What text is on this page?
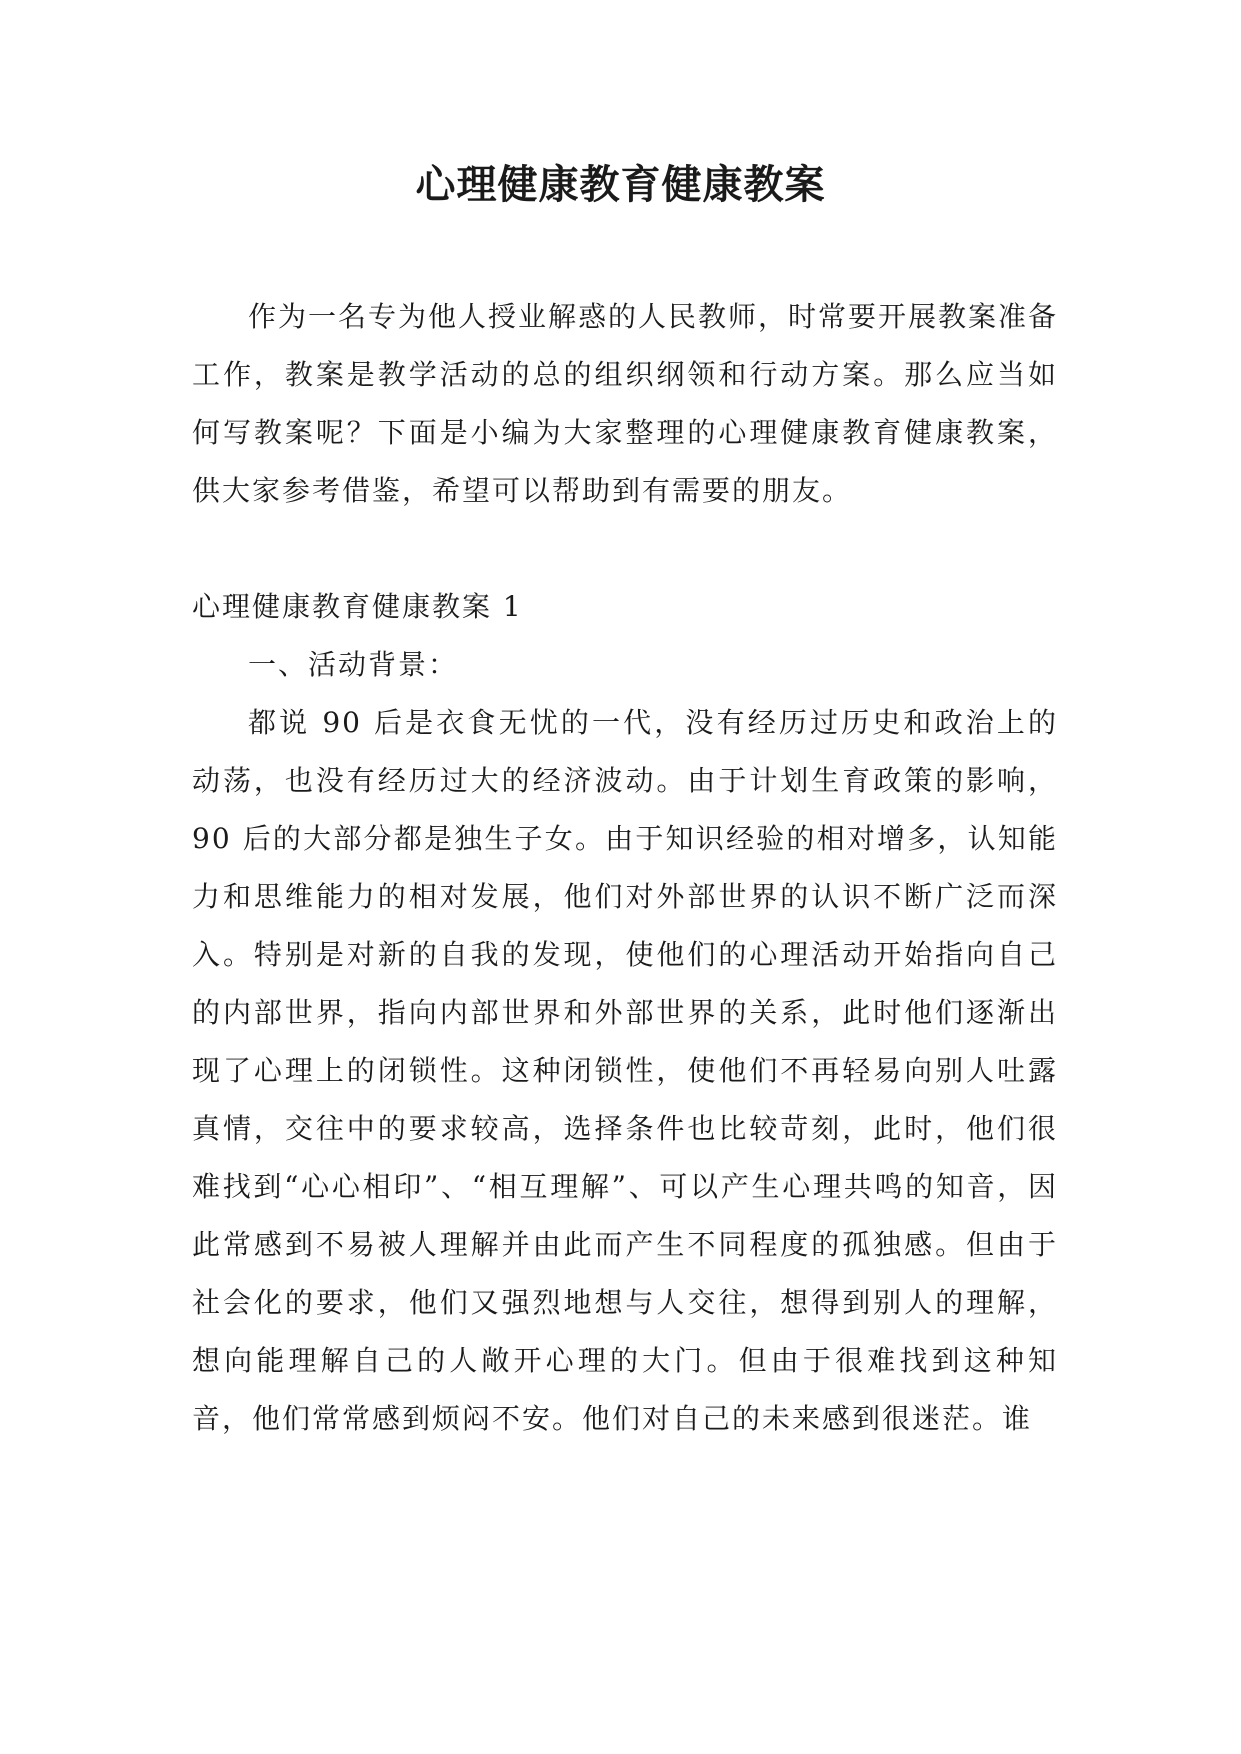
心理健康教育健康教案

作为一名专为他人授业解惑的人民教师，时常要开展教案准备工作，教案是教学活动的总的组织纲领和行动方案。那么应当如何写教案呢？下面是小编为大家整理的心理健康教育健康教案，供大家参考借鉴，希望可以帮助到有需要的朋友。

心理健康教育健康教案 1

一、活动背景：

都说 90 后是衣食无忧的一代，没有经历过历史和政治上的动荡，也没有经历过大的经济波动。由于计划生育政策的影响，90 后的大部分都是独生子女。由于知识经验的相对增多，认知能力和思维能力的相对发展，他们对外部世界的认识不断广泛而深入。特别是对新的自我的发现，使他们的心理活动开始指向自己的内部世界，指向内部世界和外部世界的关系，此时他们逐渐出现了心理上的闭锁性。这种闭锁性，使他们不再轻易向别人吐露真情，交往中的要求较高，选择条件也比较苛刻，此时，他们很难找到“心心相印”、“相互理解”、可以产生心理共鸣的知音，因此常感到不易被人理解并由此而产生不同程度的孤独感。但由于社会化的要求，他们又强烈地想与人交往，想得到别人的理解，想向能理解自己的人敞开心理的大门。但由于很难找到这种知音，他们常常感到烦闷不安。他们对自己的未来感到很迷茫。谁
